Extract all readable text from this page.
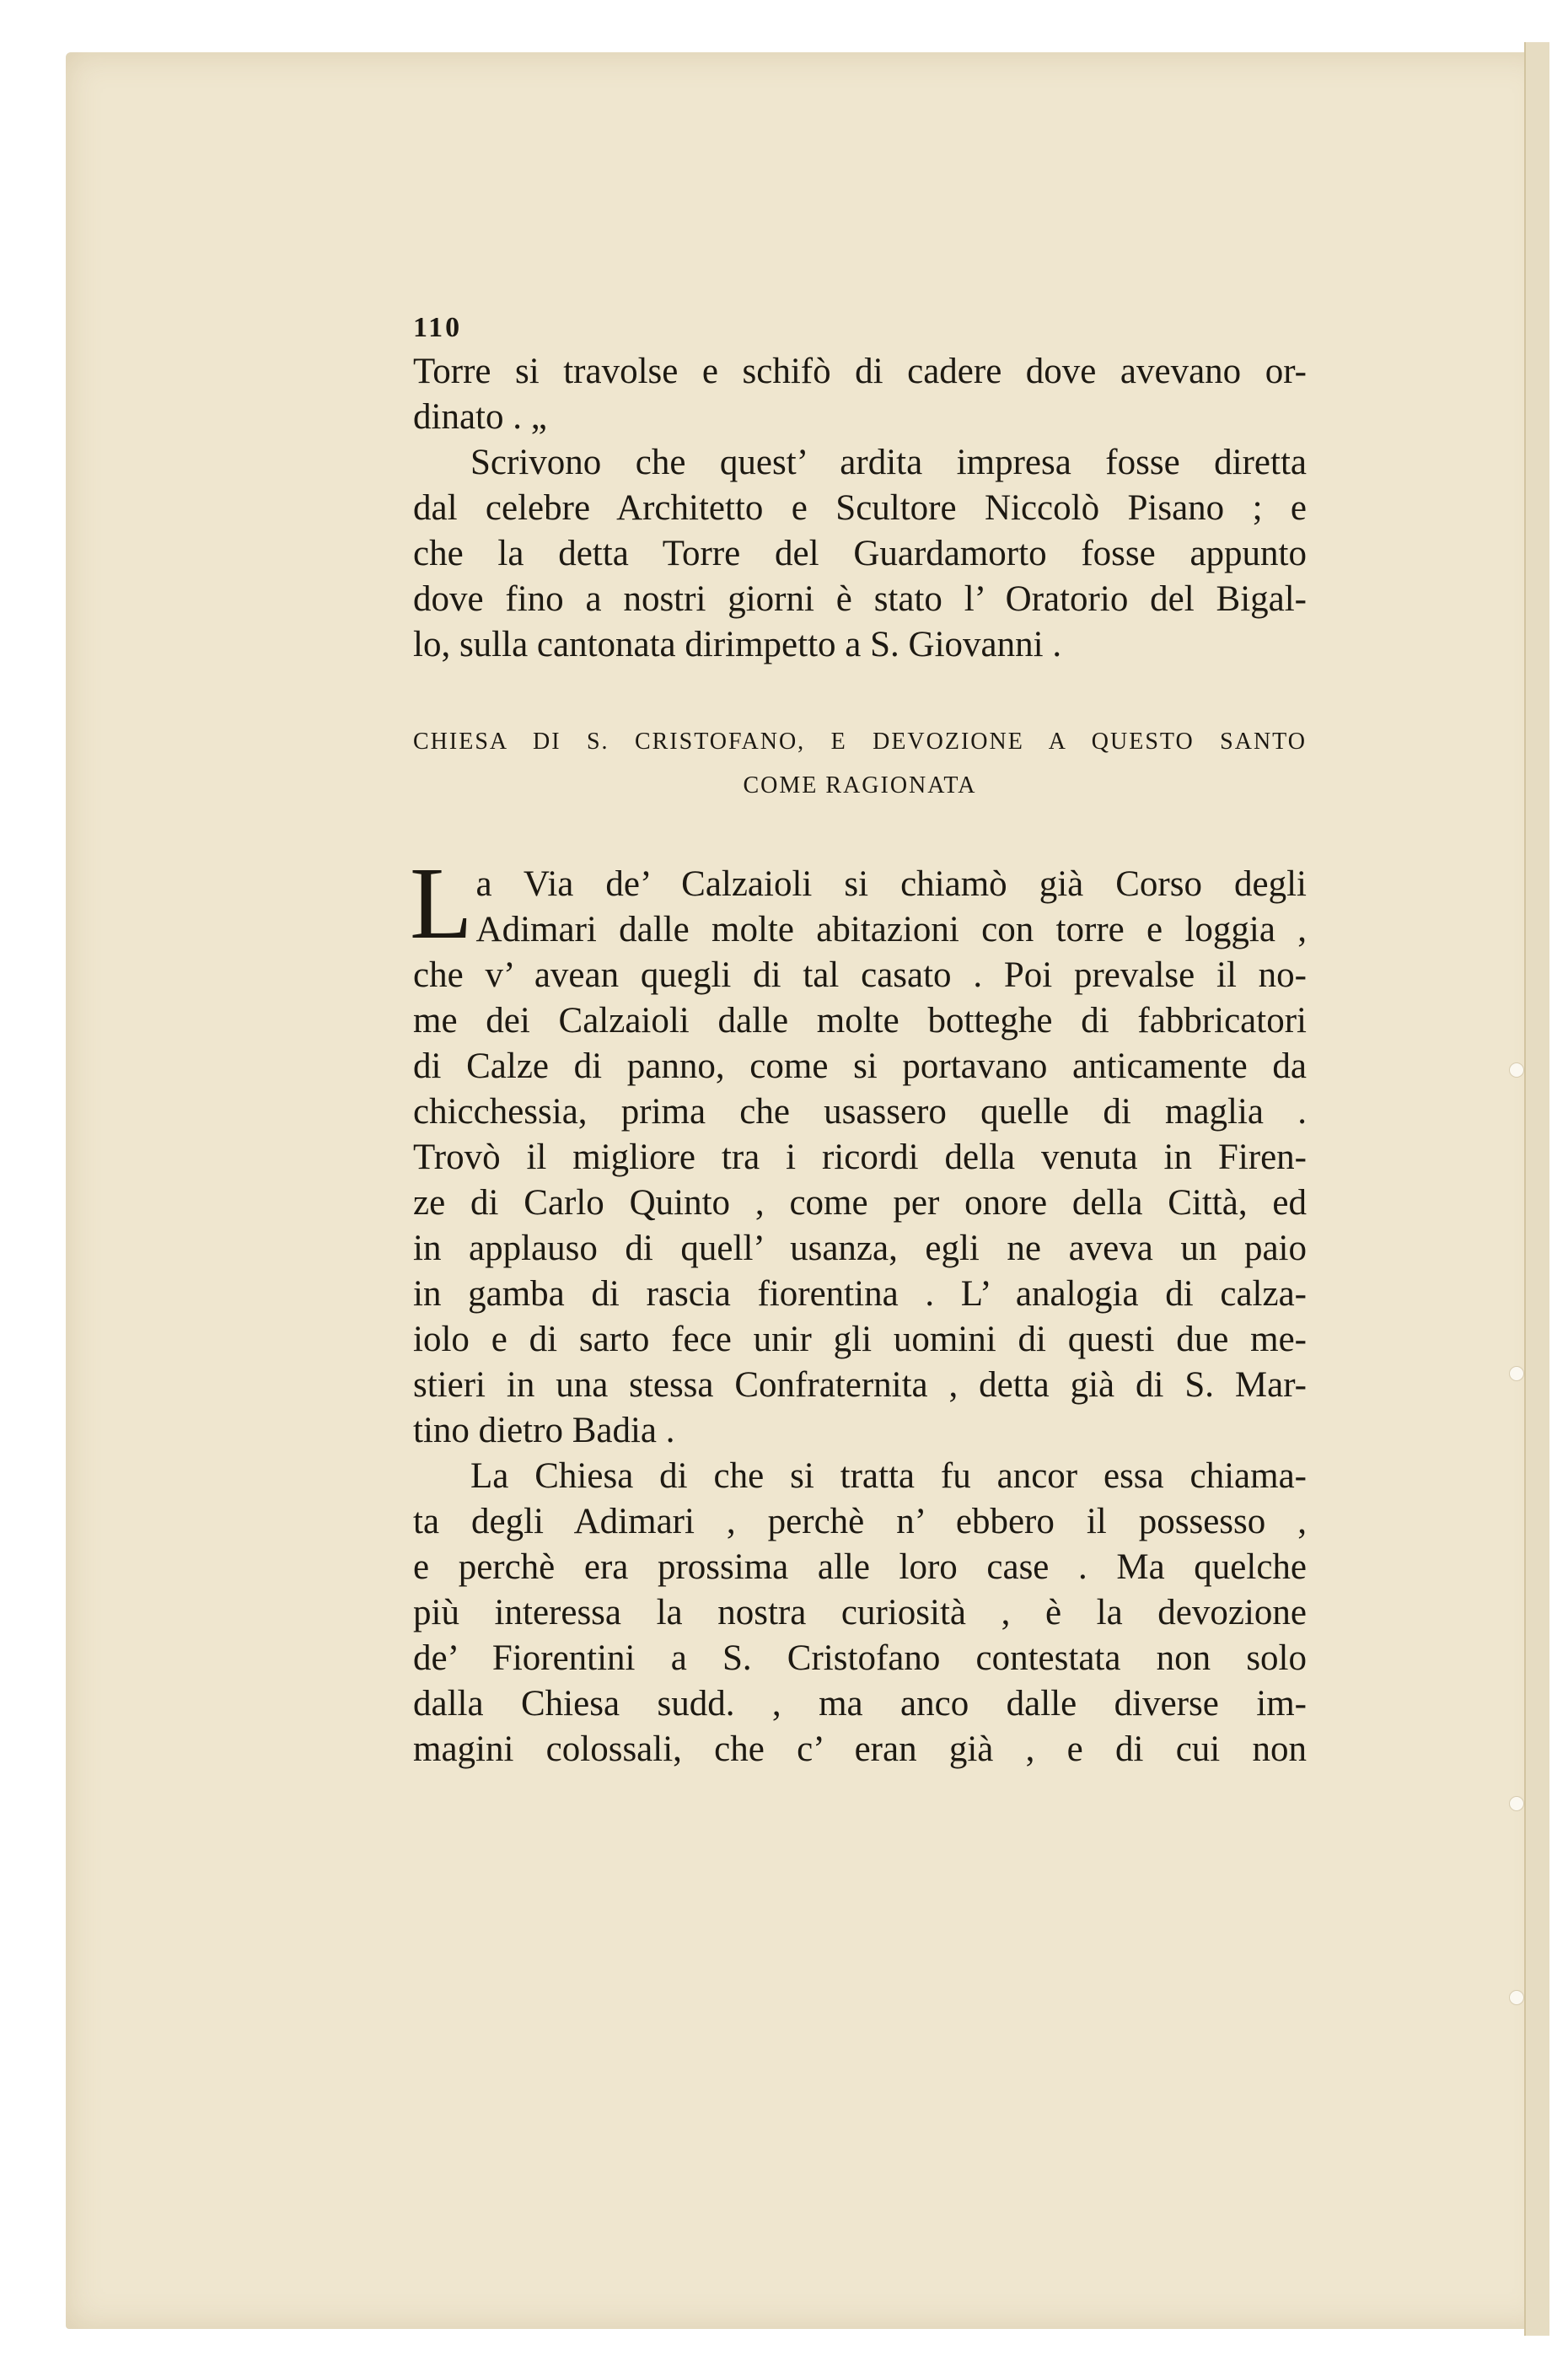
110
Torre si travolse e schifò di cadere dove avevano or-
dinato . „
Scrivono che quest’ ardita impresa fosse diretta
dal celebre Architetto e Scultore Niccolò Pisano ; e
che la detta Torre del Guardamorto fosse appunto
dove fino a nostri giorni è stato l’ Oratorio del Bigal-
lo, sulla cantonata dirimpetto a S. Giovanni .
CHIESA DI S. CRISTOFANO, E DEVOZIONE A QUESTO SANTO
COME RAGIONATA
L a Via de’ Calzaioli si chiamò già Corso degli
Adimari dalle molte abitazioni con torre e loggia ,
che v’ avean quegli di tal casato . Poi prevalse il no-
me dei Calzaioli dalle molte botteghe di fabbricatori
di Calze di panno, come si portavano anticamente da
chicchessia, prima che usassero quelle di maglia .
Trovò il migliore tra i ricordi della venuta in Firen-
ze di Carlo Quinto , come per onore della Città, ed
in applauso di quell’ usanza, egli ne aveva un paio
in gamba di rascia fiorentina . L’ analogia di calza-
iolo e di sarto fece unir gli uomini di questi due me-
stieri in una stessa Confraternita , detta già di S. Mar-
tino dietro Badia .
La Chiesa di che si tratta fu ancor essa chiama-
ta degli Adimari , perchè n’ ebbero il possesso ,
e perchè era prossima alle loro case . Ma quelche
più interessa la nostra curiosità , è la devozione
de’ Fiorentini a S. Cristofano contestata non solo
dalla Chiesa sudd. , ma anco dalle diverse im-
magini colossali, che c’ eran già , e di cui non
